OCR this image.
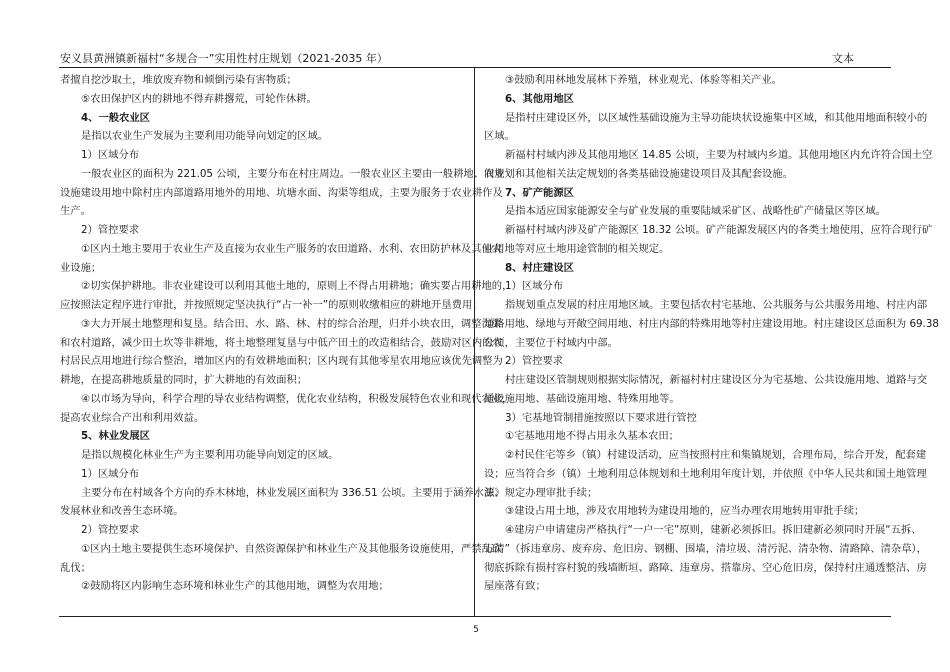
安义县黄洲镇新福村“多规合一”实用性村庄规划（2021-2035 年）	文本

者擅自挖沙取土，堆放废弃物和倾倒污染有害物质；

⑤农田保护区内的耕地不得弃耕撂荒，可轮作休耕。

4、一般农业区

是指以农业生产发展为主要利用功能导向划定的区域。

1）区域分布

一般农业区的面积为 221.05 公顷，主要分布在村庄周边。一般农业区主要由一般耕地、农业

设施建设用地中除村庄内部道路用地外的用地、坑塘水面、沟渠等组成，主要为服务于农业耕作及

生产。

2）管控要求

①区内土地主要用于农业生产及直接为农业生产服务的农田道路、水利、农田防护林及其他农

业设施；

②切实保护耕地。非农业建设可以利用其他土地的，原则上不得占用耕地；确实要占用耕地的，

应按照法定程序进行审批，并按照规定坚决执行“占一补一”的原则收缴相应的耕地开垦费用；

③大力开展土地整理和复垦。结合田、水、路、林、村的综合治理，归并小块农田，调整沟渠

和农村道路，减少田土坎等非耕地，将土地整理复垦与中低产田土的改造相结合，鼓励对区内的农

村居民点用地进行综合整治，增加区内的有效耕地面积；区内现有其他零星农用地应该优先调整为

耕地，在提高耕地质量的同时，扩大耕地的有效面积；

④以市场为导向，科学合理的导农业结构调整，优化农业结构，积极发展特色农业和现代农业，

提高农业综合产出和利用效益。

5、林业发展区

是指以规模化林业生产为主要利用功能导向划定的区域。

1）区域分布

主要分布在村域各个方向的乔木林地，林业发展区面积为 336.51 公顷。主要用于涵养水源、

发展林业和改善生态环境。

2）管控要求

①区内土地主要提供生态环境保护、自然资源保护和林业生产及其他服务设施使用，严禁乱砍

乱伐；

②鼓励将区内影响生态环境和林业生产的其他用地，调整为农用地；

③鼓励利用林地发展林下养殖，林业观光、体验等相关产业。

6、其他用地区

是指村庄建设区外，以区域性基础设施为主导功能块状设施集中区域，和其他用地面积较小的

区域。

新福村村域内涉及其他用地区 14.85 公顷，主要为村域内乡道。其他用地区内允许符合国土空

间规划和其他相关法定规划的各类基础设施建设项目及其配套设施。

7、矿产能源区

是指本适应国家能源安全与矿业发展的重要陆域采矿区、战略性矿产储量区等区域。

新福村村域内涉及矿产能源区 18.32 公顷。矿产能源发展区内的各类土地使用，应符合现行矿

业用地等对应土地用途管制的相关规定。

8、村庄建设区

1）区域分布

指规划重点发展的村庄用地区域。主要包括农村宅基地、公共服务与公共服务用地、村庄内部

道路用地、绿地与开敞空间用地、村庄内部的特殊用地等村庄建设用地。村庄建设区总面积为 69.38

公顷，主要位于村域内中部。

2）管控要求

村庄建设区管制规则根据实际情况，新福村村庄建设区分为宅基地、公共设施用地、道路与交

通设施用地、基础设施用地、特殊用地等。

3）宅基地管制措施按照以下要求进行管控

①宅基地用地不得占用永久基本农田；

②村民住宅等乡（镇）村建设活动，应当按照村庄和集镇规划，合理布局，综合开发，配套建

设；应当符合乡（镇）土地利用总体规划和土地利用年度计划，并依照《中华人民共和国土地管理

法》规定办理审批手续；

③建设占用土地，涉及农用地转为建设用地的，应当办理农用地转用审批手续；

④建房户申请建房严格执行“一户一宅”原则，建新必须拆旧。拆旧建新必须同时开展“五拆、

五清”（拆违章房、废弃房、危旧房、钢棚、围墙，清垃圾、清污泥、清杂物、清路障、清杂草），

彻底拆除有损村容村貌的残墙断垣、路障、违章房、搭靠房、空心危旧房，保持村庄通透整洁、房

屋座落有致；

5
